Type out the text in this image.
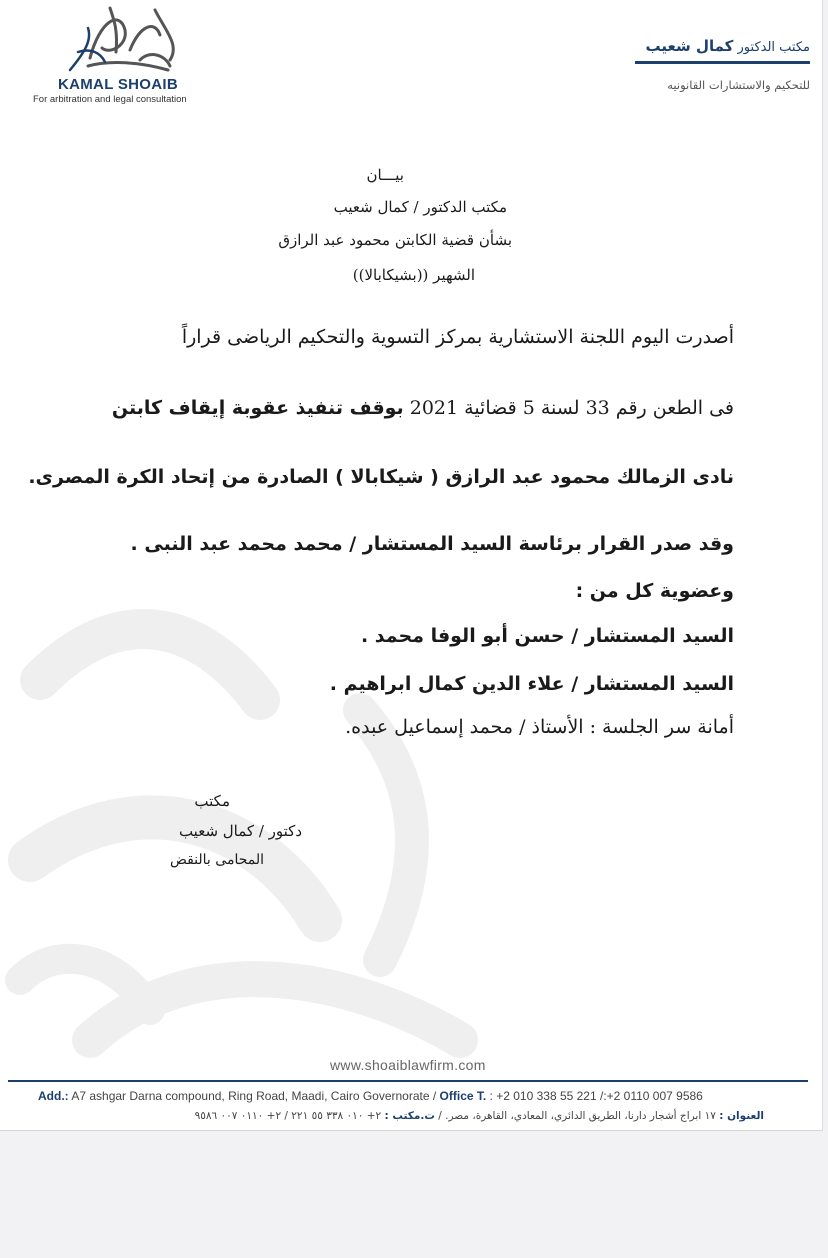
KAMAL SHOAIB
For arbitration and legal consultation
مكتب الدكتور كمال شعيب
للتحكيم والاستشارات القانونيه
بيـــان
مكتب الدكتور / كمال شعيب
بشأن قضية الكابتن محمود عبد الرازق
الشهير ((بشيكابالا))
أصدرت اليوم اللجنة الاستشارية بمركز التسوية والتحكيم الرياضى قراراً
فى الطعن رقم 33 لسنة 5 قضائية 2021 بوقف تنفيذ عقوبة إيقاف كابتن
نادى الزمالك محمود عبد الرازق ( شيكابالا ) الصادرة من إتحاد الكرة المصرى.
وقد صدر القرار برئاسة السيد المستشار / محمد محمد عبد النبى .
وعضوية كل من :
السيد المستشار / حسن أبو الوفا محمد .
السيد المستشار / علاء الدين كمال ابراهيم .
أمانة سر الجلسة : الأستاذ / محمد إسماعيل عبده.
مكتب
دكتور / كمال شعيب
المحامى بالنقض
www.shoaiblawfirm.com
Add.: A7 ashgar Darna compound, Ring Road, Maadi, Cairo Governorate / Office T. : +2 010 338 55 221 /:+2 0110 007 9586
العنوان : ١٧ ابراج أشجار دارنا، الطريق الدائري، المعادي، القاهرة، مصر. / ت.مكتب : ٢+ ٠١٠ ٣٣٨ ٥٥ ٢٢١ / ٢+ ٠١١٠ ٠٠٧ ٩٥٨٦
